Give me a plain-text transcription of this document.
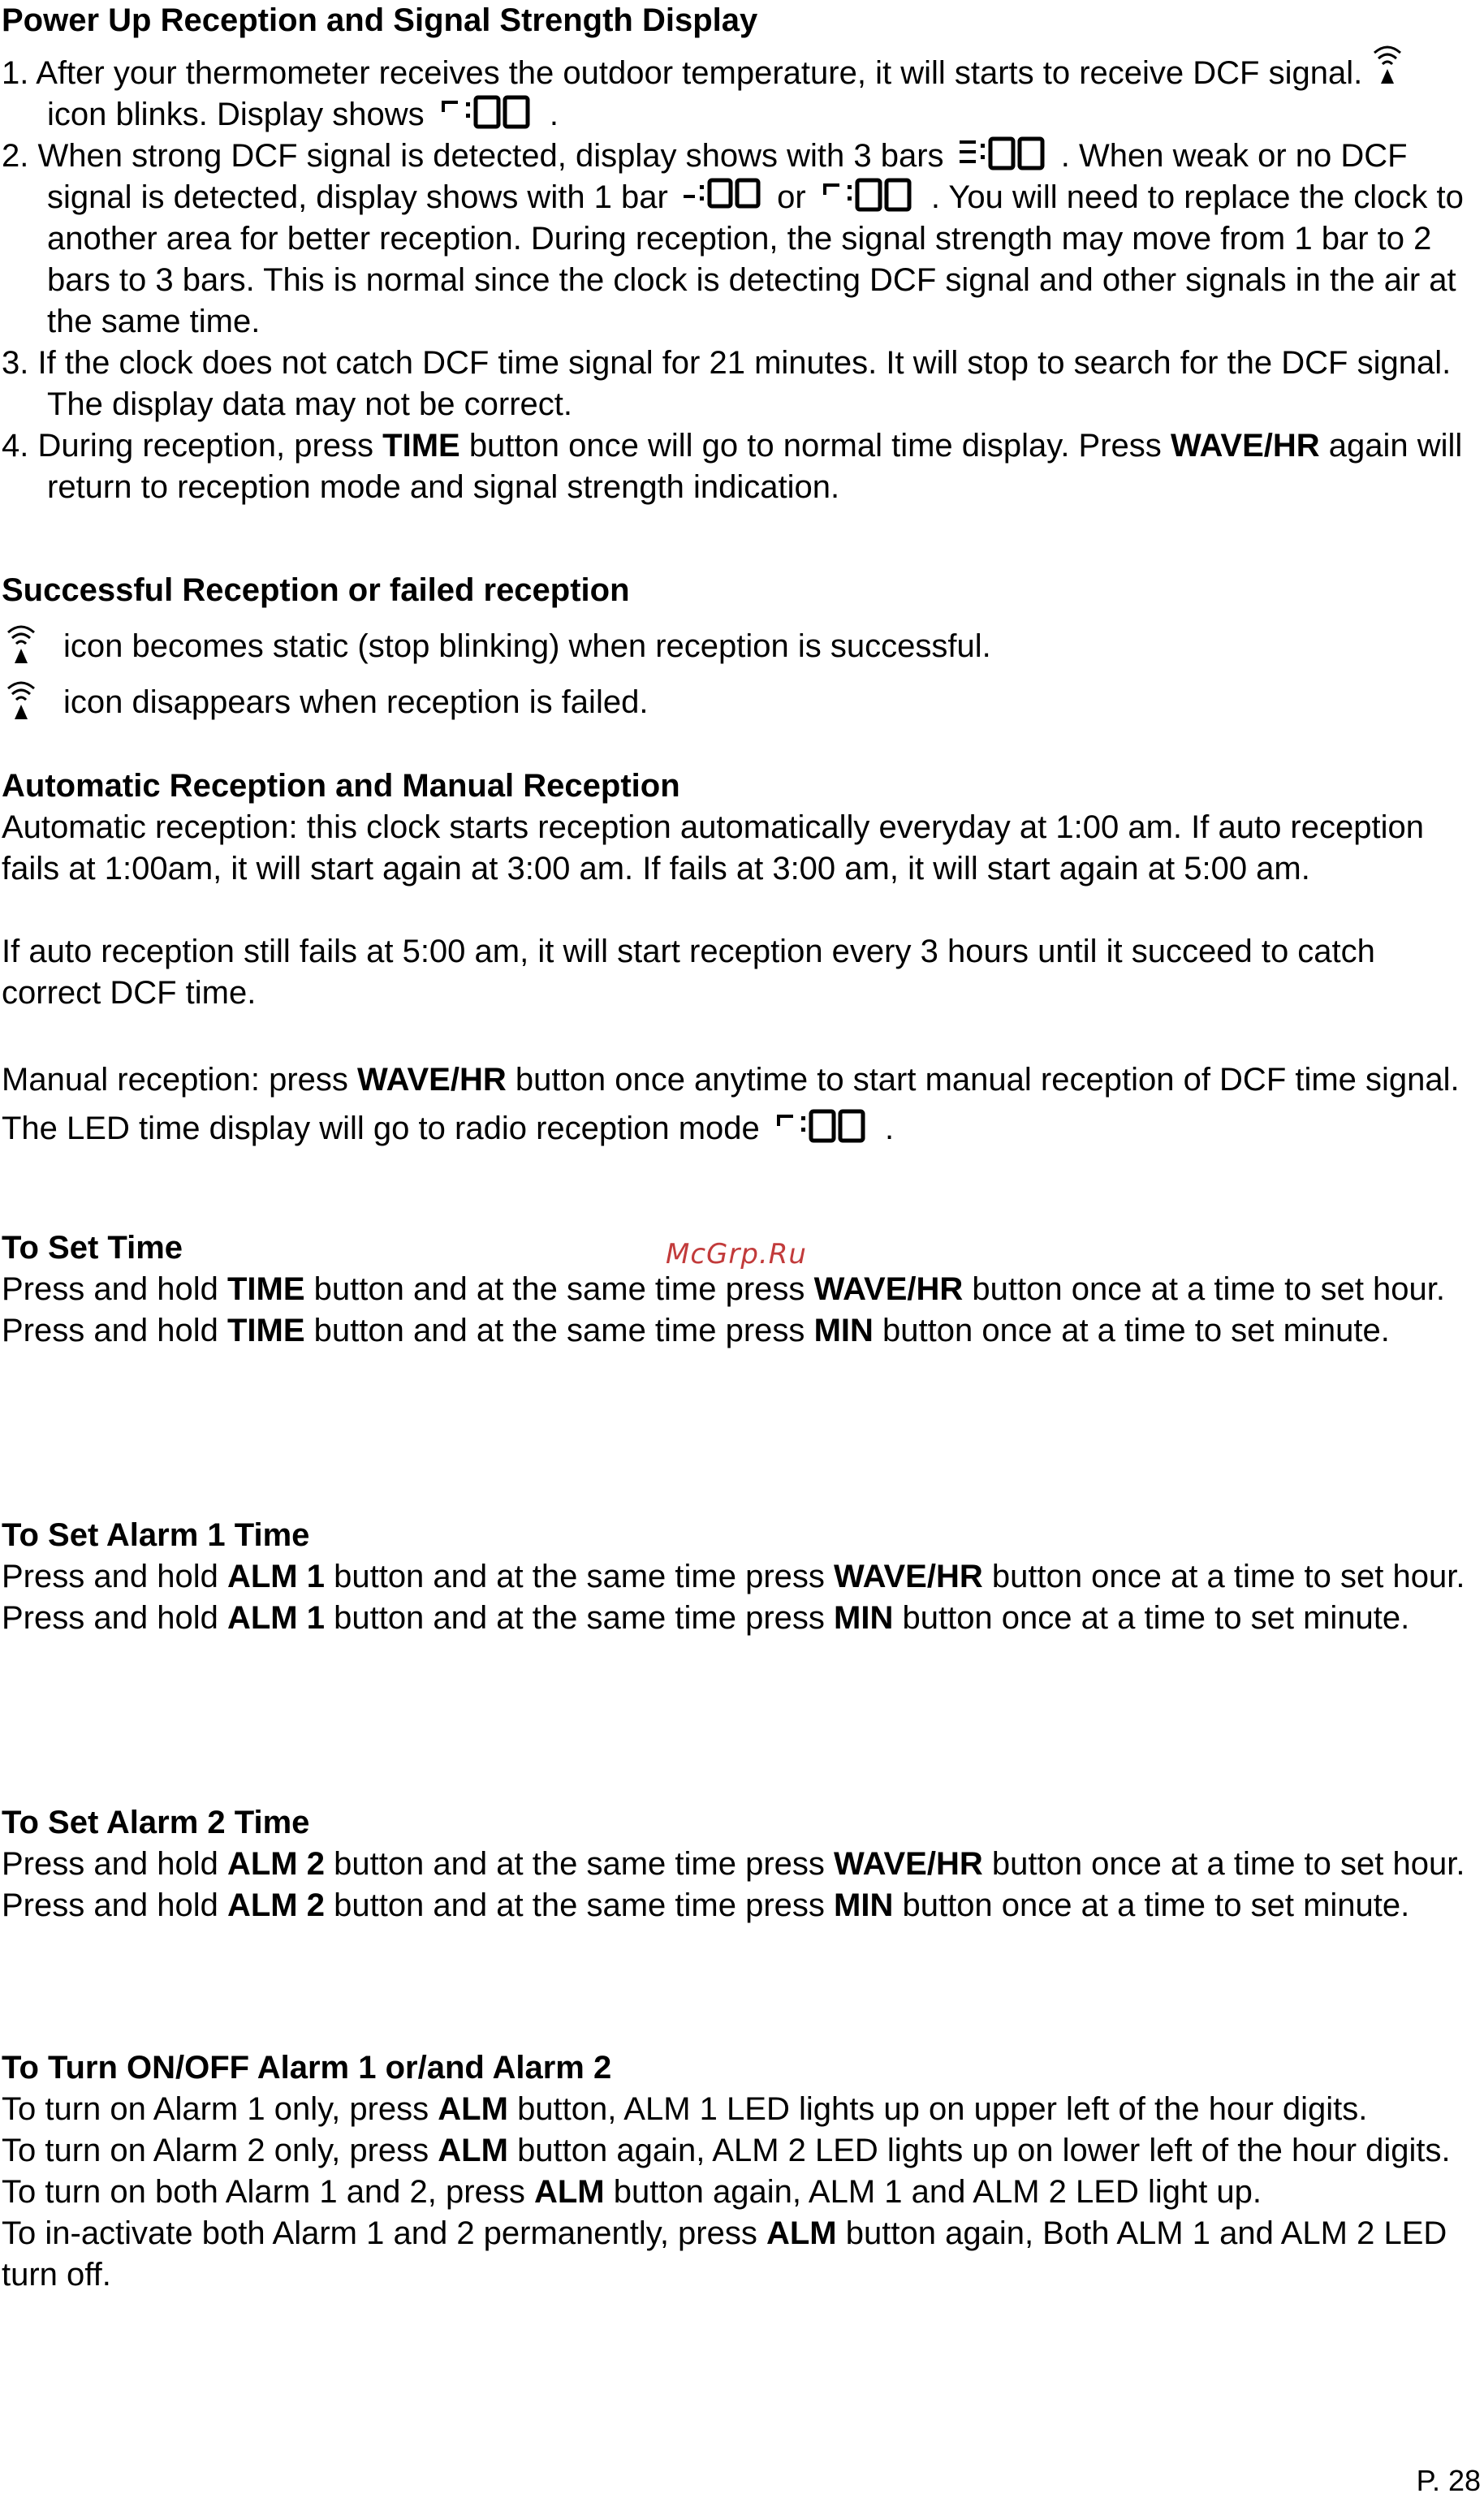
Power Up Reception and Signal Strength Display
1. After your thermometer receives the outdoor temperature, it will starts to receive DCF signal.  icon blinks. Display shows	.
2. When strong DCF signal is detected, display shows with 3 bars	. When weak or no DCF signal is detected, display shows with 1 bar	or	. You will need to replace the clock to another area for better reception. During reception, the signal strength may move from 1 bar to 2 bars to 3 bars. This is normal since the clock is detecting DCF signal and other signals in the air at the same time.
3. If the clock does not catch DCF time signal for 21 minutes. It will stop to search for the DCF signal. The display data may not be correct.
4. During reception, press TIME button once will go to normal time display. Press WAVE/HR again will return to reception mode and signal strength indication.
Successful Reception or failed reception
icon becomes static (stop blinking) when reception is successful.
icon disappears when reception is failed.
Automatic Reception and Manual Reception

Automatic reception: this clock starts reception automatically everyday at 1:00 am. If auto reception fails at 1:00am, it will start again at 3:00 am. If fails at 3:00 am, it will start again at 5:00 am.

If auto reception still fails at 5:00 am, it will start reception every 3 hours until it succeed to catch correct DCF time.

Manual reception: press WAVE/HR button once anytime to start manual reception of DCF time signal. The LED time display will go to radio reception mode	.

McGrp.Ru
To Set Time

Press and hold TIME button and at the same time press WAVE/HR button once at a time to set hour.

Press and hold TIME button and at the same time press MIN button once at a time to set minute.

To Set Alarm 1 Time

Press and hold ALM 1 button and at the same time press WAVE/HR button once at a time to set hour.

Press and hold ALM 1 button and at the same time press MIN button once at a time to set minute.

To Set Alarm 2 Time

Press and hold ALM 2 button and at the same time press WAVE/HR button once at a time to set hour.

Press and hold ALM 2 button and at the same time press MIN button once at a time to set minute.

To Turn ON/OFF Alarm 1 or/and Alarm 2

To turn on Alarm 1 only, press ALM button, ALM 1 LED lights up on upper left of the hour digits.

To turn on Alarm 2 only, press ALM button again, ALM 2 LED lights up on lower left of the hour digits.

To turn on both Alarm 1 and 2, press ALM button again, ALM 1 and ALM 2 LED light up.

To in-activate both Alarm 1 and 2 permanently, press ALM button again, Both ALM 1 and ALM 2 LED turn off.

P. 28
